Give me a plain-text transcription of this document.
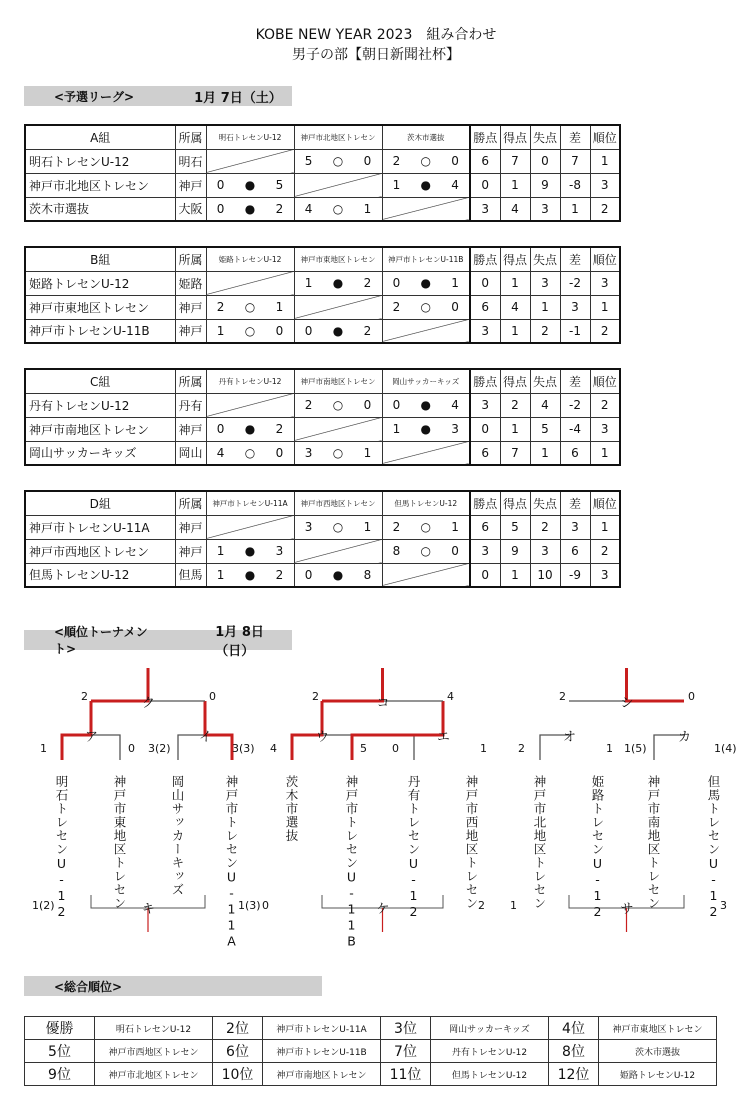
KOBE NEW YEAR 2023　組み合わせ
男子の部【朝日新聞社杯】
<予選リーグ>	1月 7日（土）
A組	所属	明石トレセンU-12	神戸市北地区トレセン	茨木市選抜	勝点	得点	失点	差	順位
明石トレセンU-12	明石		5 ○ 0	2 ○ 0	6	7	0	7	1
神戸市北地区トレセン	神戸	0 ● 5		1 ● 4	0	1	9	-8	3
茨木市選抜	大阪	0 ● 2	4 ○ 1		3	4	3	1	2
B組	所属	姫路トレセンU-12	神戸市東地区トレセン	神戸市トレセンU-11B	勝点	得点	失点	差	順位
姫路トレセンU-12	姫路		1 ● 2	0 ● 1	0	1	3	-2	3
神戸市東地区トレセン	神戸	2 ○ 1		2 ○ 0	6	4	1	3	1
神戸市トレセンU-11B	神戸	1 ○ 0	0 ● 2		3	1	2	-1	2
C組	所属	丹有トレセンU-12	神戸市南地区トレセン	岡山サッカーキッズ	勝点	得点	失点	差	順位
丹有トレセンU-12	丹有		2 ○ 0	0 ● 4	3	2	4	-2	2
神戸市南地区トレセン	神戸	0 ● 2		1 ● 3	0	1	5	-4	3
岡山サッカーキッズ	岡山	4 ○ 0	3 ○ 1		6	7	1	6	1
D組	所属	神戸市トレセンU-11A	神戸市西地区トレセン	但馬トレセンU-12	勝点	得点	失点	差	順位
神戸市トレセンU-11A	神戸		3 ○ 1	2 ○ 1	6	5	2	3	1
神戸市西地区トレセン	神戸	1 ● 3		8 ○ 0	3	9	3	6	2
但馬トレセンU-12	但馬	1 ● 2	0 ● 8		0	1	10	-9	3
<順位トーナメント>
1月 8日（日）
明石トレセンU-12	神戸市東地区トレセン	岡山サッカーキッズ	神戸市トレセンU-11A
ア	イ
ク
キ
1	0 3(2)	3(3)
2	0
1(2)	1(3)
茨木市選抜	神戸市トレセンU-11B	丹有トレセンU-12	神戸市西地区トレセン
ウ	エ
コ
ケ
4	5 0	1
2	4
0	2	神戸市北地区トレセン	姫路トレセンU-12	神戸市南地区トレセン	但馬トレセンU-12
オ	カ
シ
サ
2	1 1(5)	1(4)
2	0
1	3
<総合順位>
優勝	明石トレセンU-12	2位	神戸市トレセンU-11A	3位	岡山サッカーキッズ	4位	神戸市東地区トレセン
5位	神戸市西地区トレセン	6位	神戸市トレセンU-11B	7位	丹有トレセンU-12	8位	茨木市選抜
9位	神戸市北地区トレセン	10位	神戸市南地区トレセン	11位	但馬トレセンU-12	12位	姫路トレセンU-12
